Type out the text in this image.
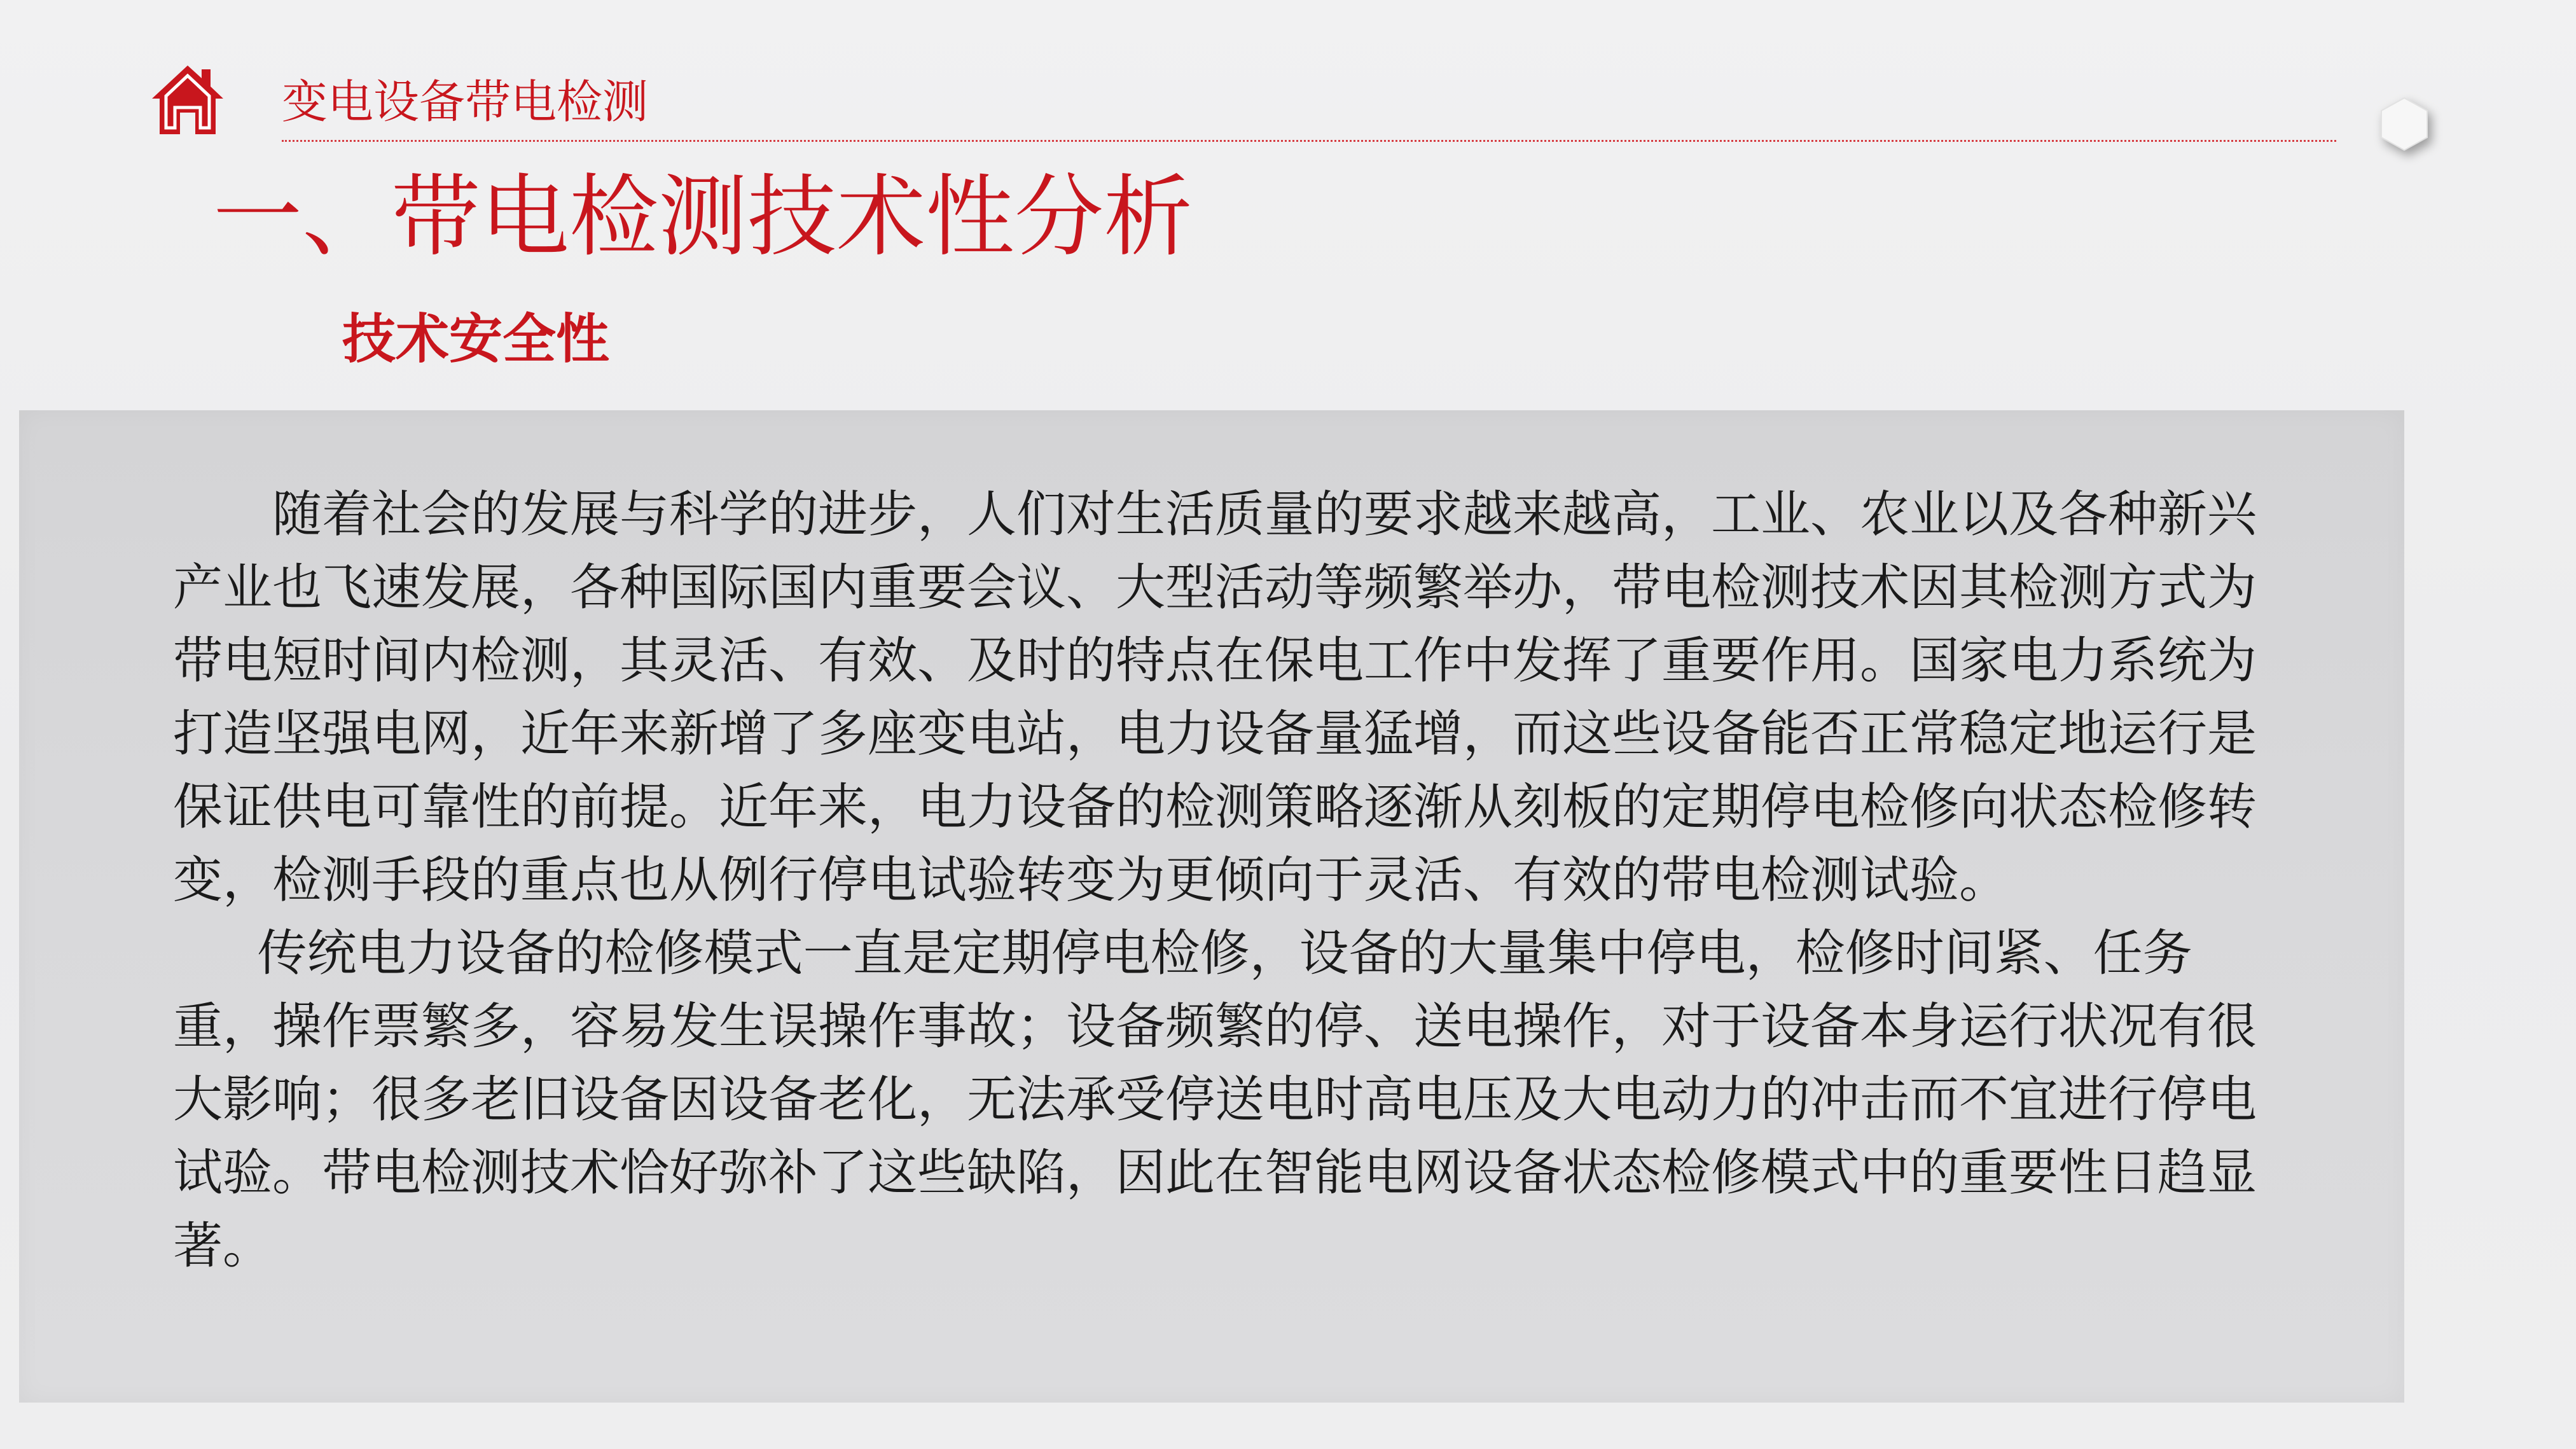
变电设备带电检测
一、带电检测技术性分析
技术安全性

随着社会的发展与科学的进步，人们对生活质量的要求越来越高，工业、农业以及各种新兴产业也飞速发展，各种国际国内重要会议、大型活动等频繁举办，带电检测技术因其检测方式为带电短时间内检测，其灵活、有效、及时的特点在保电工作中发挥了重要作用。国家电力系统为打造坚强电网，近年来新增了多座变电站，电力设备量猛增，而这些设备能否正常稳定地运行是保证供电可靠性的前提。近年来，电力设备的检测策略逐渐从刻板的定期停电检修向状态检修转变，检测手段的重点也从例行停电试验转变为更倾向于灵活、有效的带电检测试验。

传统电力设备的检修模式一直是定期停电检修，设备的大量集中停电，检修时间紧、任务重，操作票繁多，容易发生误操作事故；设备频繁的停、送电操作，对于设备本身运行状况有很大影响；很多老旧设备因设备老化，无法承受停送电时高电压及大电动力的冲击而不宜进行停电试验。带电检测技术恰好弥补了这些缺陷，因此在智能电网设备状态检修模式中的重要性日趋显著。
